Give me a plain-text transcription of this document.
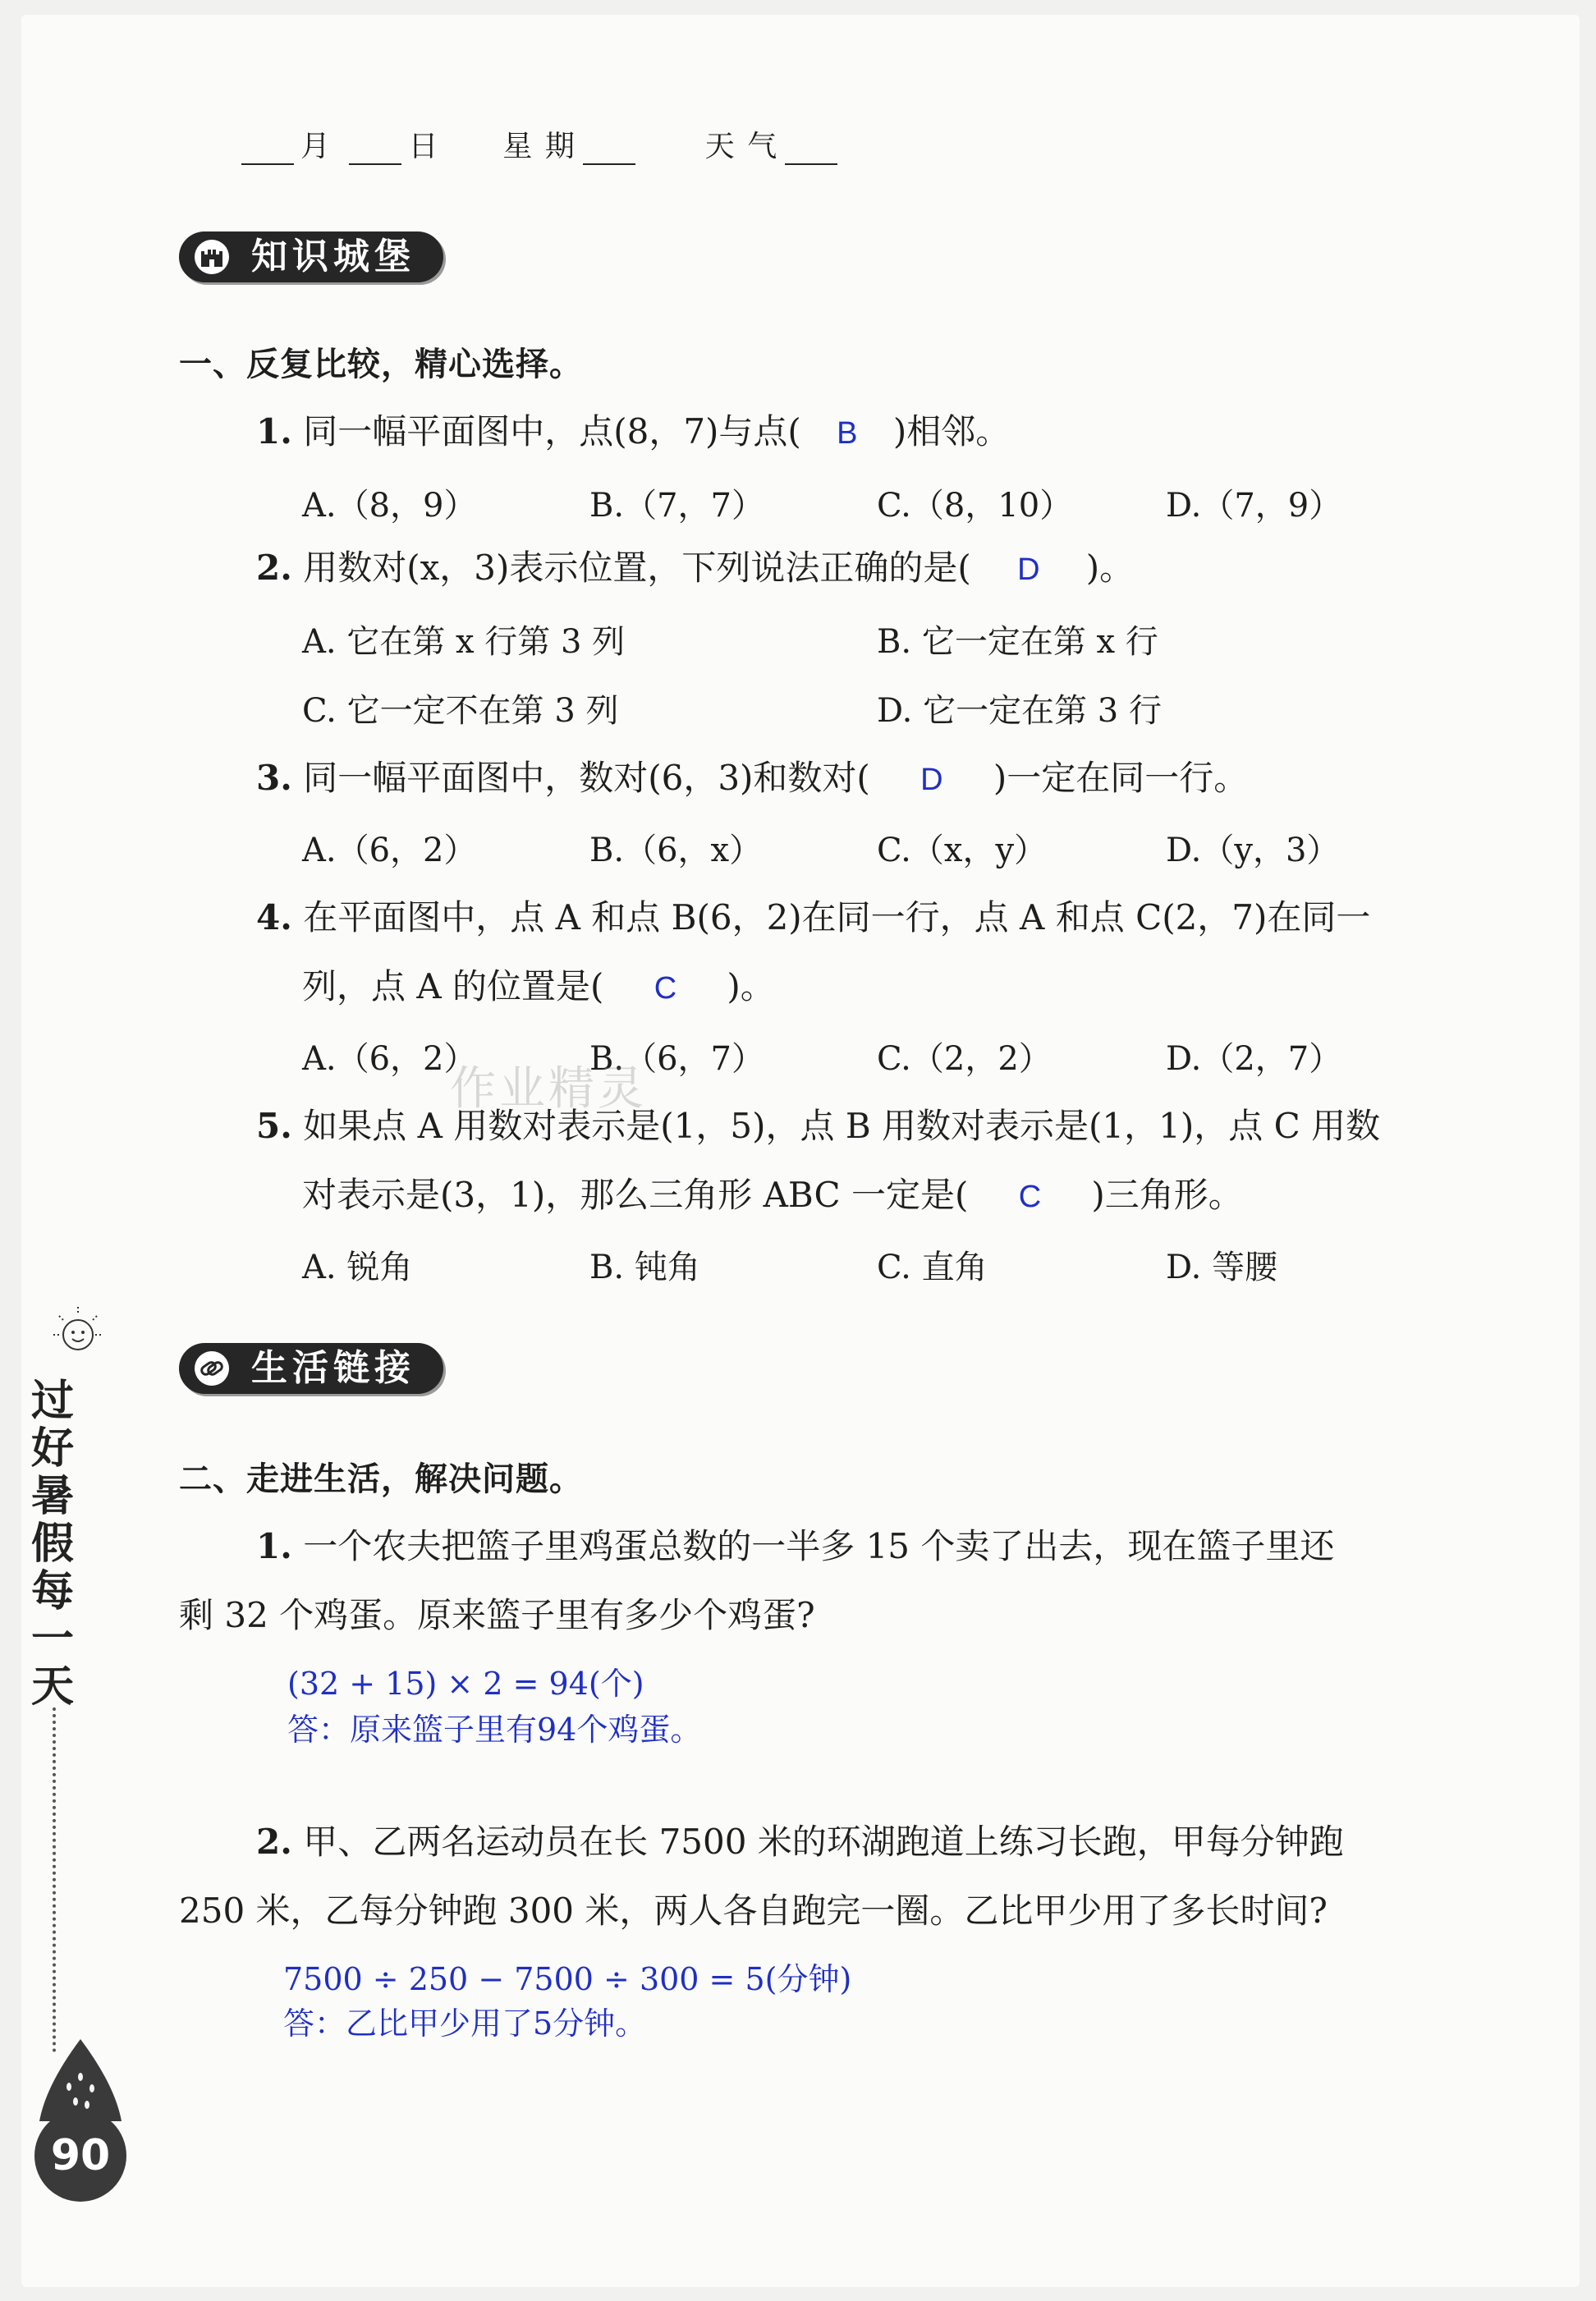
月	日 星 期	天 气
知识城堡
一、反复比较，精心选择。
1. 同一幅平面图中，点(8，7)与点( B )相邻。
A.（8，9）	B.（7，7）	C.（8，10）	D.（7，9）
2. 用数对(x，3)表示位置，下列说法正确的是( D )。
A. 它在第 x 行第 3 列	B. 它一定在第 x 行
C. 它一定不在第 3 列	D. 它一定在第 3 行
3. 同一幅平面图中，数对(6，3)和数对( D )一定在同一行。
A.（6，2）	B.（6，x）	C.（x，y）	D.（y，3）
4. 在平面图中，点 A 和点 B(6，2)在同一行，点 A 和点 C(2，7)在同一
列，点 A 的位置是( C )。
A.（6，2）	B.（6，7）	C.（2，2）	D.（2，7）
作业精灵
5. 如果点 A 用数对表示是(1，5)，点 B 用数对表示是(1，1)，点 C 用数
对表示是(3，1)，那么三角形 ABC 一定是( C )三角形。
A. 锐角	B. 钝角	C. 直角	D. 等腰
生活链接
二、走进生活，解决问题。
1. 一个农夫把篮子里鸡蛋总数的一半多 15 个卖了出去，现在篮子里还
剩 32 个鸡蛋。原来篮子里有多少个鸡蛋?
(32 + 15) × 2 = 94(个)
答：原来篮子里有94个鸡蛋。
2. 甲、乙两名运动员在长 7500 米的环湖跑道上练习长跑，甲每分钟跑
250 米，乙每分钟跑 300 米，两人各自跑完一圈。乙比甲少用了多长时间?
7500 ÷ 250 − 7500 ÷ 300 = 5(分钟)
答：乙比甲少用了5分钟。
过
好
暑
假
每
一
天
90
